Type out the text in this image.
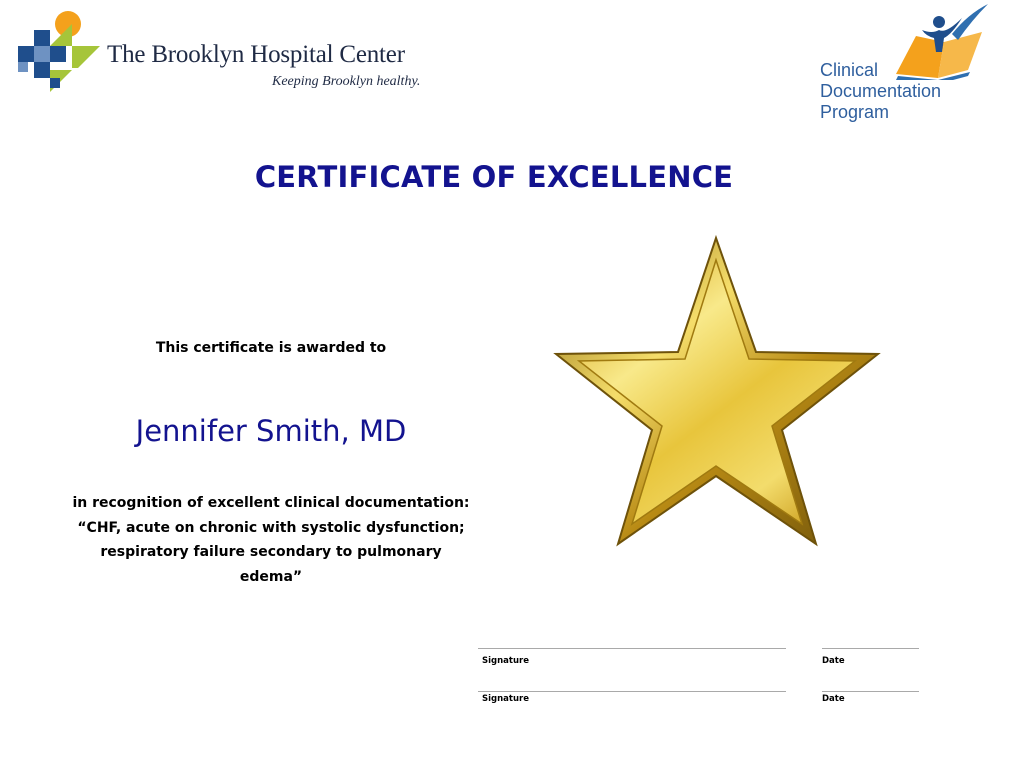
The Brooklyn Hospital Center
Keeping Brooklyn healthy.
Clinical
Documentation
Program
CERTIFICATE OF EXCELLENCE
This certificate is awarded to
Jennifer Smith, MD
in recognition of excellent clinical documentation:
“CHF, acute on chronic with systolic dysfunction;
respiratory failure secondary to pulmonary
edema”
Signature	Date
Signature	Date
